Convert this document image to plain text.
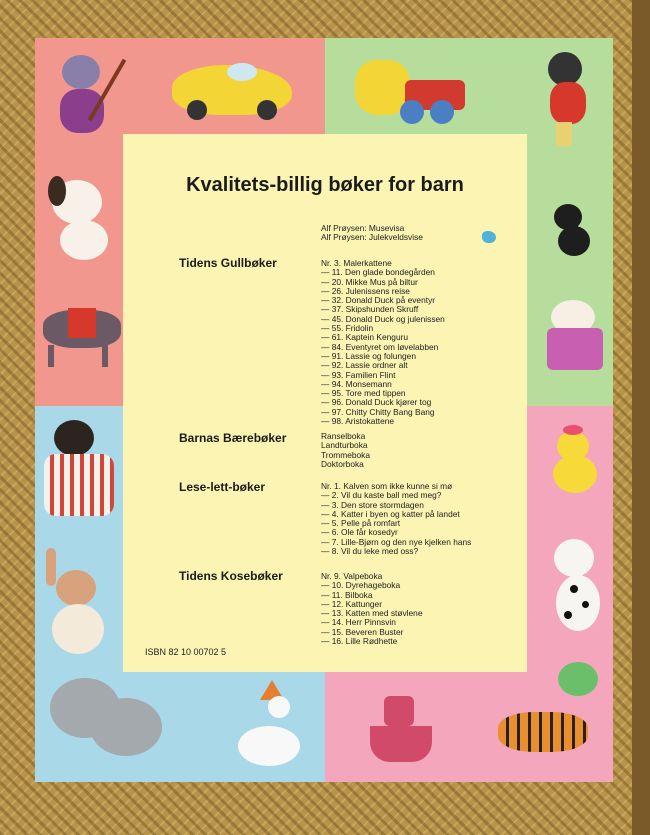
Kvalitets-billig bøker for barn
Alf Prøysen: Musevisa
Alf Prøysen: Julekveldsvise
Tidens Gullbøker	Nr. 3. Malerkattene
— 11. Den glade bondegården
— 20. Mikke Mus på biltur
— 26. Julenissens reise
— 32. Donald Duck på eventyr
— 37. Skipshunden Skruff
— 45. Donald Duck og julenissen
— 55. Fridolin
— 61. Kaptein Kenguru
— 84. Eventyret om løvelabben
— 91. Lassie og folungen
— 92. Lassie ordner alt
— 93. Familien Flint
— 94. Monsemann
— 95. Tore med tippen
— 96. Donald Duck kjører tog
— 97. Chitty Chitty Bang Bang
— 98. Aristokattene
Barnas Bærebøker	Ranselboka
Landturboka
Trommeboka
Doktorboka
Lese-lett-bøker	Nr. 1. Kalven som ikke kunne si mø
— 2. Vil du kaste ball med meg?
— 3. Den store stormdagen
— 4. Katter i byen og katter på landet
— 5. Pelle på romfart
— 6. Ole får kosedyr
— 7. Lille-Bjørn og den nye kjelken hans
— 8. Vil du leke med oss?
Tidens Kosebøker	Nr. 9. Valpeboka
— 10. Dyrehageboka
— 11. Bilboka
— 12. Kattunger
— 13. Katten med støvlene
— 14. Herr Pinnsvin
— 15. Beveren Buster
— 16. Lille Rødhette
ISBN 82 10 00702 5
